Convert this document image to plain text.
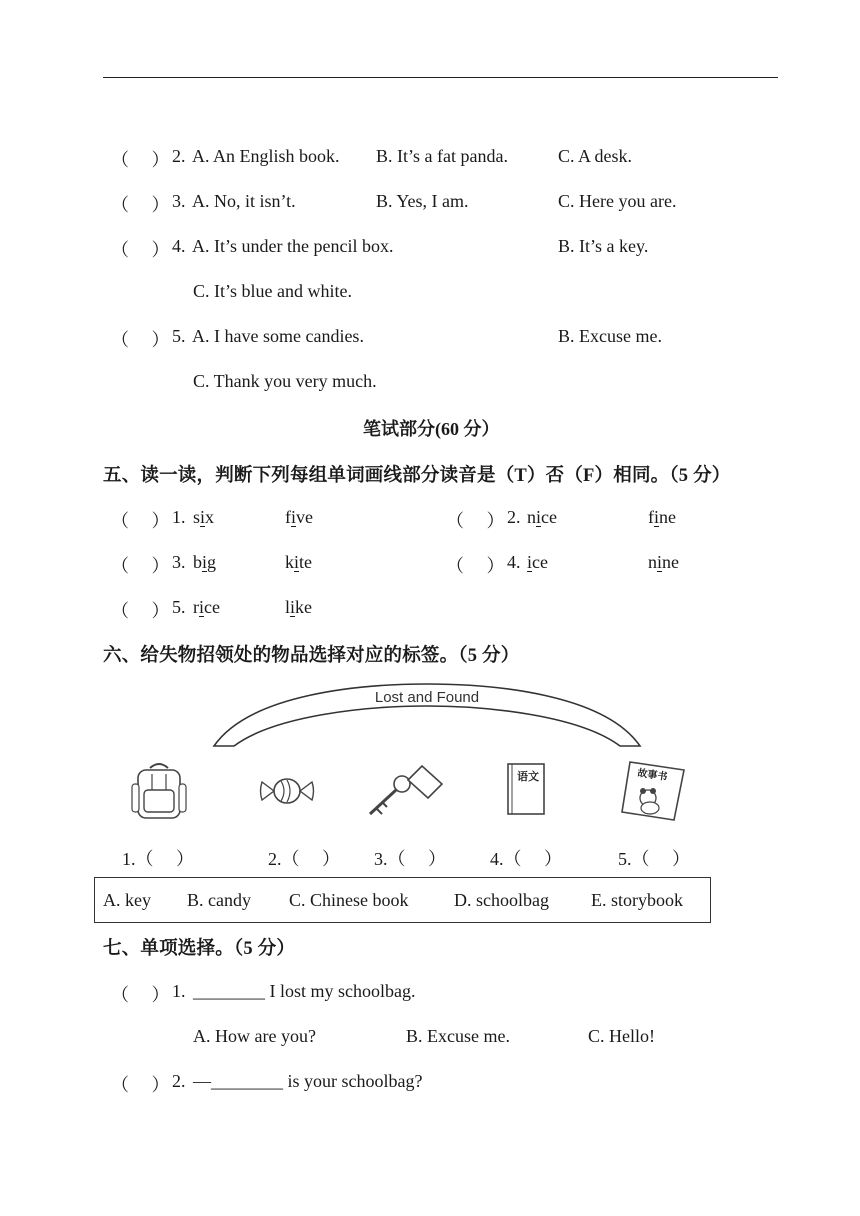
（　 ） 2. A. An English book. B. It’s a fat panda.	C. A desk.
（　 ） 3. A. No, it isn’t.	B. Yes, I am.	C. Here you are.
（　 ） 4. A. It’s under the pencil box.	B. It’s a key.
C. It’s blue and white.
（　 ） 5. A. I have some candies.	B. Excuse me.
C. Thank you very much.
笔试部分(60 分）
五、读一读，判断下列每组单词画线部分读音是（T）否（F）相同。（5 分）
（　 ） 1. six	five	（　 ） 2. nice	fine
（　 ） 3. big	kite	（　 ） 4. ice	nine
（　 ） 5. rice	like
六、给失物招领处的物品选择对应的标签。（5 分）
Lost and Found
语文	故事书
1.（　 ）	2.（　 ） 3.（　 ） 4.（　 ）	5.（　 ）
A. key B. candy C. Chinese book	D. schoolbag E. storybook
七、单项选择。（5 分）
（　 ） 1. ________ I lost my schoolbag.
A. How are you?	B. Excuse me.	C. Hello!
（　 ） 2. —________ is your schoolbag?
